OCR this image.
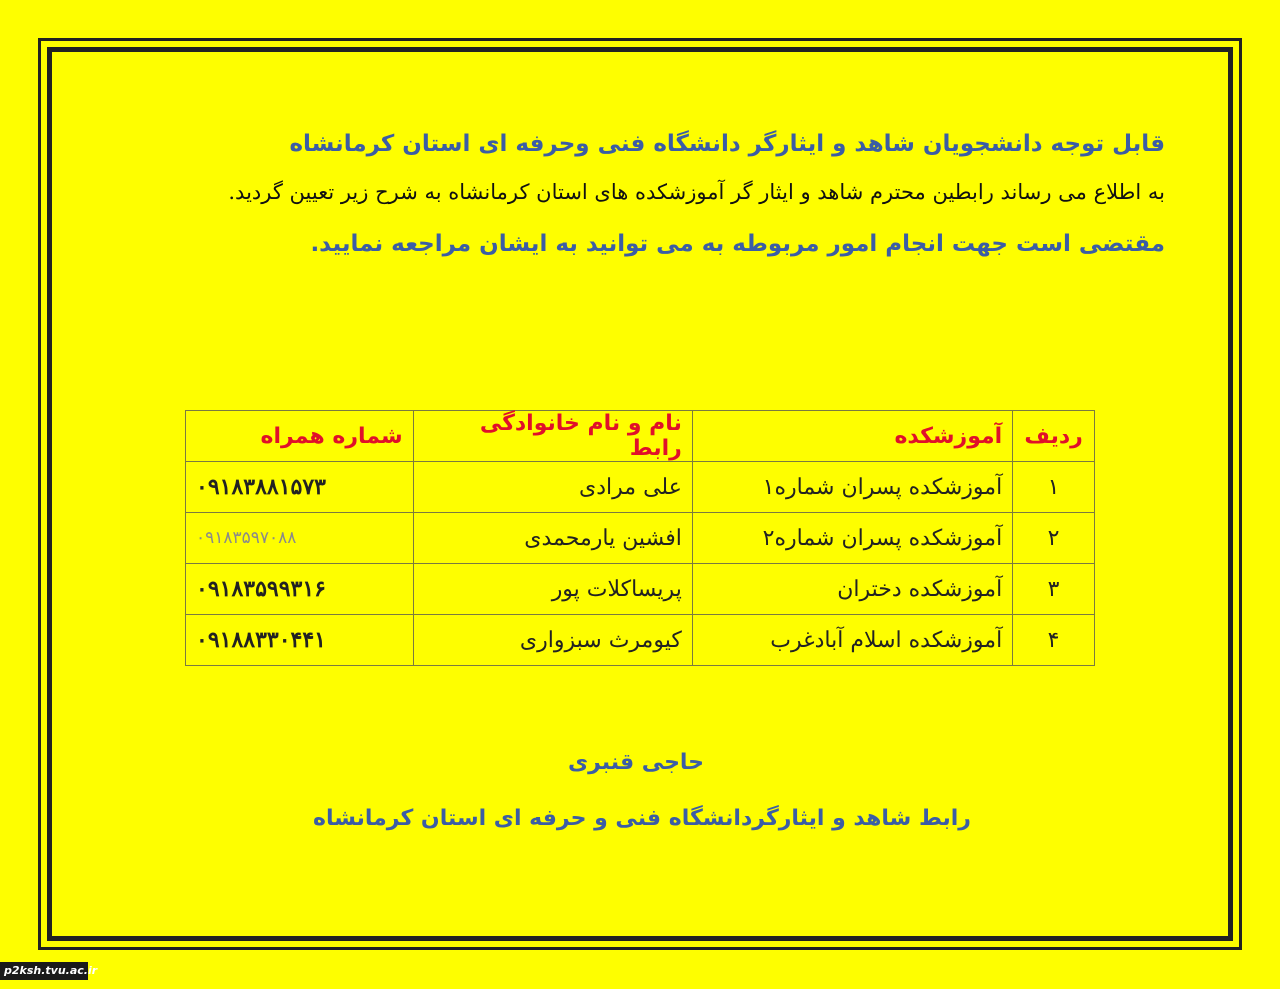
قابل توجه دانشجویان شاهد و ایثارگر دانشگاه فنی وحرفه ای استان کرمانشاه
به اطلاع می رساند رابطین محترم شاهد و ایثار گر آموزشکده های استان کرمانشاه به شرح زیر تعیین گردید.
مقتضی است جهت انجام امور مربوطه به می توانید به ایشان مراجعه نمایید.
ردیف	آموزشکده	نام و نام خانوادگی رابط	شماره همراه
۱	آموزشکده پسران شماره۱	علی مرادی	۰۹۱۸۳۸۸۱۵۷۳
۲	آموزشکده پسران شماره۲	افشین یارمحمدی	۰۹۱۸۳۵۹۷۰۸۸
۳	آموزشکده دختران	پریساکلات پور	۰۹۱۸۳۵۹۹۳۱۶
۴	آموزشکده اسلام آبادغرب	کیومرث سبزواری	۰۹۱۸۸۳۳۰۴۴۱
حاجی قنبری
رابط شاهد و ایثارگردانشگاه فنی و حرفه ای استان کرمانشاه
p2ksh.tvu.ac.ir
